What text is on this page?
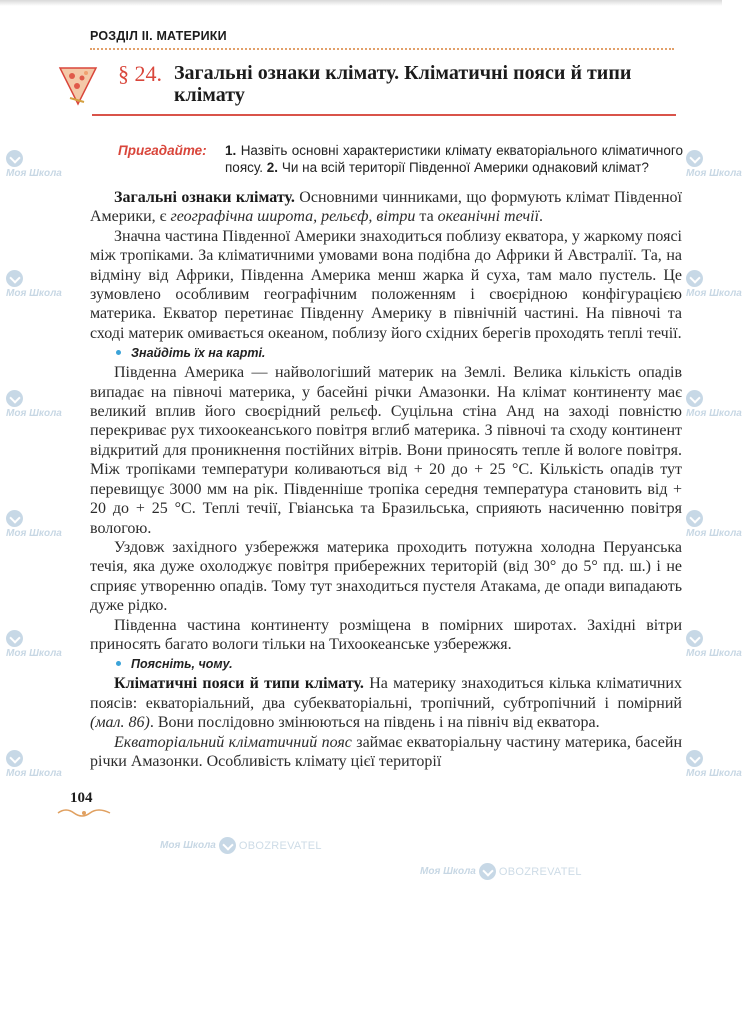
Моя Школа
Моя Школа
Моя Школа
Моя Школа
Моя Школа
Моя Школа
Моя Школа
Моя Школа
Моя Школа
Моя Школа
Моя Школа
Моя Школа
Моя Школа OBOZREVATEL
Моя Школа OBOZREVATEL
РОЗДІЛ ІІ. МАТЕРИКИ
§ 24. Загальні ознаки клімату. Кліматичні пояси й типи клімату
Пригадайте: 1. Назвіть основні характеристики клімату екваторіального кліматичного поясу. 2. Чи на всій території Південної Америки однаковий клімат?

Загальні ознаки клімату. Основними чинниками, що формують клімат Південної Америки, є географічна широта, рельєф, вітри та океанічні течії.

Значна частина Південної Америки знаходиться поблизу екватора, у жаркому поясі між тропіками. За кліматичними умовами вона подібна до Африки й Австралії. Та, на відміну від Африки, Південна Америка менш жарка й суха, там мало пустель. Це зумовлено особливим географічним положенням і своєрідною конфігурацією материка. Екватор перетинає Південну Америку в північній частині. На півночі та сході материк омивається океаном, поблизу його східних берегів проходять теплі течії.

Знайдіть їх на карті.

Південна Америка — найвологіший материк на Землі. Велика кількість опадів випадає на півночі материка, у басейні річки Амазонки. На клімат континенту має великий вплив його своєрідний рельєф. Суцільна стіна Анд на заході повністю перекриває рух тихоокеанського повітря вглиб материка. З півночі та сходу континент відкритий для проникнення постійних вітрів. Вони приносять тепле й вологе повітря. Між тропіками температури коливаються від + 20 до + 25 °С. Кількість опадів тут перевищує 3000 мм на рік. Південніше тропіка середня температура становить від + 20 до + 25 °С. Теплі течії, Гвіанська та Бразильська, сприяють насиченню повітря вологою.

Уздовж західного узбережжя материка проходить потужна холодна Перуанська течія, яка дуже охолоджує повітря прибережних територій (від 30° до 5° пд. ш.) і не сприяє утворенню опадів. Тому тут знаходиться пустеля Атакама, де опади випадають дуже рідко.

Південна частина континенту розміщена в помірних широтах. Західні вітри приносять багато вологи тільки на Тихоокеанське узбережжя.

Поясніть, чому.

Кліматичні пояси й типи клімату. На материку знаходиться кілька кліматичних поясів: екваторіальний, два субекваторіальні, тропічний, субтропічний і помірний (мал. 86). Вони послідовно змінюються на південь і на північ від екватора.

Екваторіальний кліматичний пояс займає екваторіальну частину материка, басейн річки Амазонки. Особливість клімату цієї території

104
